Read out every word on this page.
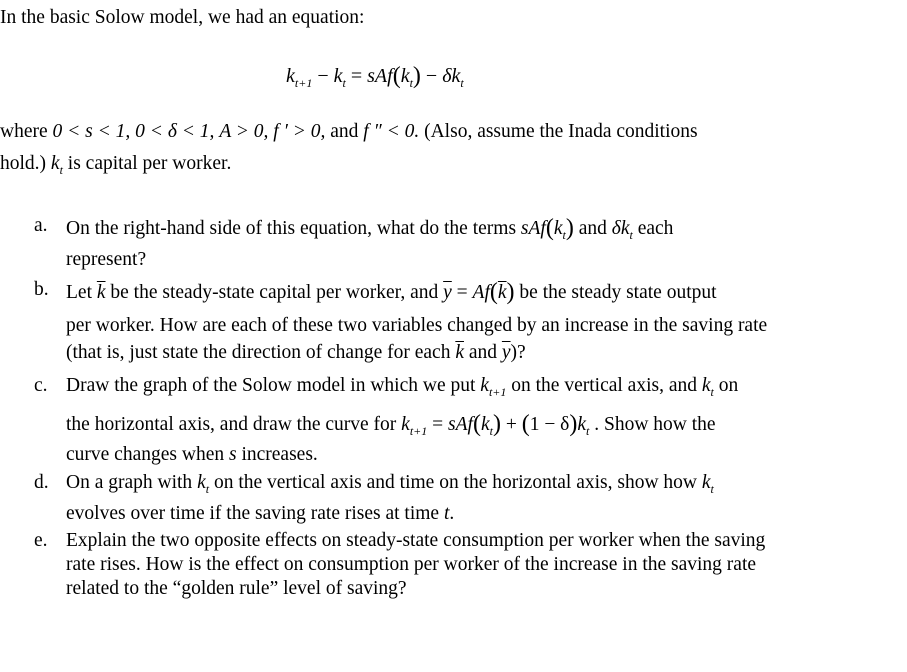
In the basic Solow model, we had an equation:
$k_{t+1} - k_t = sAf(k_t) - \delta k_t$
where 0 < s < 1, 0 < δ < 1, A > 0, f ′ > 0, and f ″ < 0. (Also, assume the Inada conditions
hold.) $k_t$ is capital per worker.
a. On the right-hand side of this equation, what do the terms $sAf(k_t)$ and $\delta k_t$ each
represent?
b. Let $\overline{k}$ be the steady-state capital per worker, and $\overline{y} = Af(\overline{k})$ be the steady state output
per worker. How are each of these two variables changed by an increase in the saving rate
(that is, just state the direction of change for each $\overline{k}$ and $\overline{y}$)?
c. Draw the graph of the Solow model in which we put $k_{t+1}$ on the vertical axis, and $k_t$ on
the horizontal axis, and draw the curve for $k_{t+1} = sAf(k_t) + (1 - \delta)k_t$ . Show how the
curve changes when s increases.
d. On a graph with $k_t$ on the vertical axis and time on the horizontal axis, show how $k_t$
evolves over time if the saving rate rises at time t.
e. Explain the two opposite effects on steady-state consumption per worker when the saving
rate rises. How is the effect on consumption per worker of the increase in the saving rate
related to the “golden rule” level of saving?
